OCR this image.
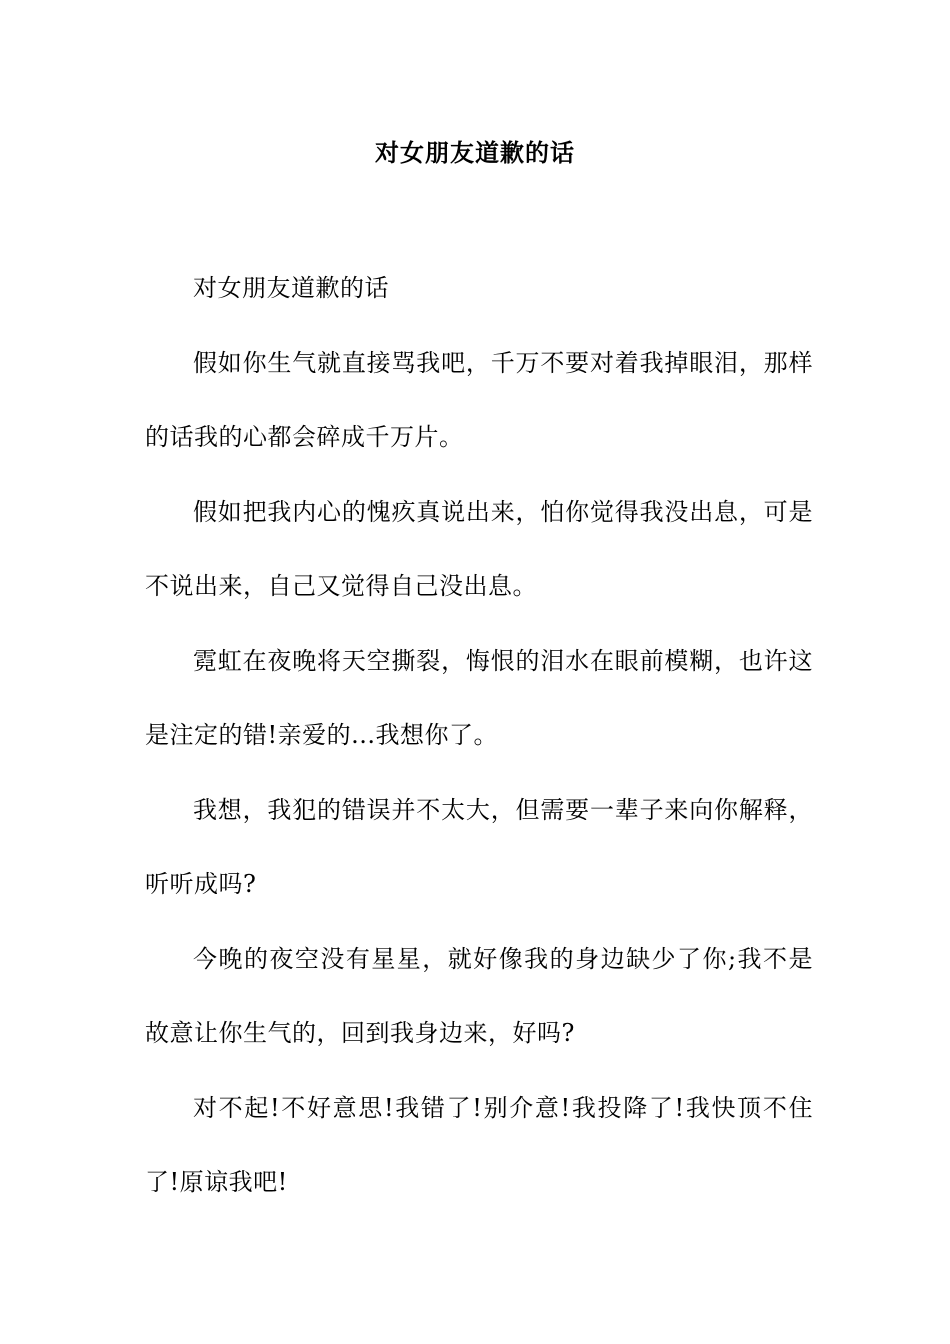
对女朋友道歉的话

对女朋友道歉的话

假如你生气就直接骂我吧，千万不要对着我掉眼泪，那样的话我的心都会碎成千万片。

假如把我内心的愧疚真说出来，怕你觉得我没出息，可是不说出来，自己又觉得自己没出息。

霓虹在夜晚将天空撕裂，悔恨的泪水在眼前模糊，也许这是注定的错!亲爱的...我想你了。

我想，我犯的错误并不太大，但需要一辈子来向你解释，听听成吗?

今晚的夜空没有星星，就好像我的身边缺少了你;我不是故意让你生气的，回到我身边来，好吗?

对不起!不好意思!我错了!别介意!我投降了!我快顶不住了!原谅我吧!
